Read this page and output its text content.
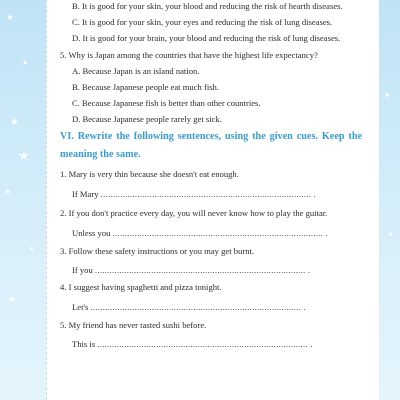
★
★
★
★
★
★
★
★
★
B. It is good for your skin, your blood and reducing the risk of hearth diseases.
C. It is good for your skin, your eyes and reducing the risk of lung diseases.
D. It is good for your brain, your blood and reducing the risk of lung diseases.
5. Why is Japan among the countries that have the highest life expectancy?
A. Because Japan is an island nation.
B. Because Japanese people eat much fish.
C. Because Japanese fish is better than other countries.
D. Because Japanese people rarely get sick.
VI. Rewrite the following sentences, using the given cues. Keep the meaning the same.
1. Mary is very thin because she doesn't eat enough.
If Mary ...................................................................................... .
2. If you don't practice every day, you will never know how to play the guitar.
Unless you ...................................................................................... .
3. Follow these safety instructions or you may get burnt.
If you ...................................................................................... .
4. I suggest having spaghetti and pizza tonight.
Let's ...................................................................................... .
5. My friend has never tasted sushi before.
This is ...................................................................................... .
